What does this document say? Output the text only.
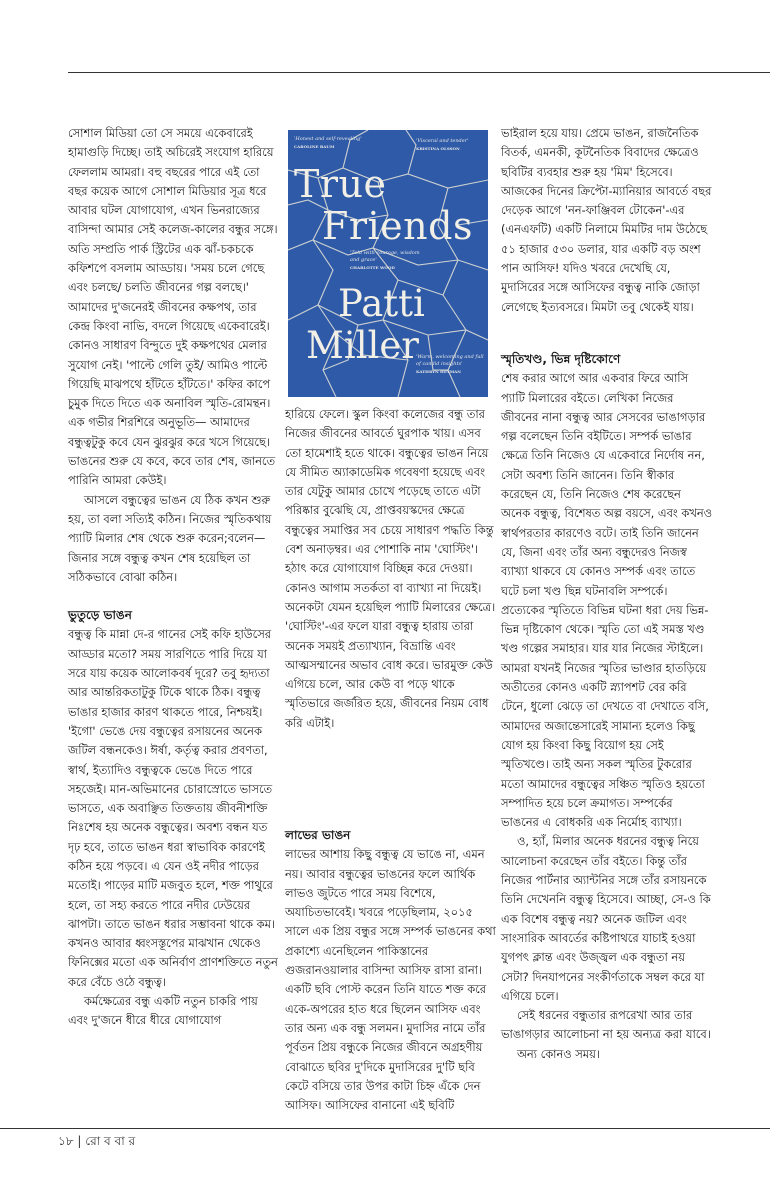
সোশাল মিডিয়া তো সে সময়ে একেবারেই হামাগুড়ি দিচ্ছে। তাই অচিরেই সংযোগ হারিয়ে ফেললাম আমরা। বহু বছরের পারে এই তো বছর কয়েক আগে সোশাল মিডিয়ার সূত্র ধরে আবার ঘটল যোগাযোগ, এখন ভিনরাজ্যের বাসিন্দা আমার সেই কলেজ-কালের বন্ধুর সঙ্গে। অতি সম্প্রতি পার্ক স্ট্রিটের এক ঝাঁ-চকচকে কফিশপে বসলাম আড্ডায়। 'সময় চলে গেছে এবং চলছে/ চলতি জীবনের গল্প বলছে।' আমাদের দু'জনেরই জীবনের কক্ষপথ, তার কেন্দ্র কিংবা নাভি, বদলে গিয়েছে একেবারেই। কোনও সাধারণ বিন্দুতে দুই কক্ষপথের মেলার সুযোগ নেই। 'পাল্টে গেলি তুই/ আমিও পাল্টে গিয়েছি মাঝপথে হাঁটতে হাঁটতে।' কফির কাপে চুমুক দিতে দিতে এক অনাবিল স্মৃতি-রোমন্থন। এক গভীর শিরশিরে অনুভূতি— আমাদের বন্ধুত্বটুকু কবে যেন ঝুরঝুর করে খসে গিয়েছে। ভাঙনের শুরু যে কবে, কবে তার শেষ, জানতে পারিনি আমরা কেউই।

আসলে বন্ধুত্বের ভাঙন যে ঠিক কখন শুরু হয়, তা বলা সত্যিই কঠিন। নিজের স্মৃতিকথায় প্যাটি মিলার শেষ থেকে শুরু করেন;বলেন— জিনার সঙ্গে বন্ধুত্ব কখন শেষ হয়েছিল তা সঠিকভাবে বোঝা কঠিন।

ভুতুড়ে ভাঙন

বন্ধুত্ব কি মান্না দে-র গানের সেই কফি হাউসের আড্ডার মতো? সময় সারণিতে পারি দিয়ে যা সরে যায় কয়েক আলোকবর্ষ দূরে? তবু হৃদ্যতা আর আন্তরিকতাটুকু টিকে থাকে ঠিক। বন্ধুত্ব ভাঙার হাজার কারণ থাকতে পারে, নিশ্চয়ই। 'ইগো' ভেঙে দেয় বন্ধুত্বের রসায়নের অনেক জটিল বন্ধনকেও। ঈর্ষা, কর্তৃত্ব করার প্রবণতা, স্বার্থ, ইত্যাদিও বন্ধুত্বকে ভেঙে দিতে পারে সহজেই। মান-অভিমানের চোরাস্রোতে ভাসতে ভাসতে, এক অবাঞ্ছিত তিক্ততায় জীবনীশক্তি নিঃশেষ হয় অনেক বন্ধুত্বের। অবশ্য বন্ধন যত দৃঢ় হবে, তাতে ভাঙন ধরা স্বাভাবিক কারণেই কঠিন হয়ে পড়বে। এ যেন ওই নদীর পাড়ের মতোই। পাড়ের মাটি মজবুত হলে, শক্ত পাথুরে হলে, তা সহ্য করতে পারে নদীর ঢেউয়ের ঝাপটা। তাতে ভাঙন ধরার সম্ভাবনা থাকে কম। কখনও আবার ধ্বংসস্তূপের মাঝখান থেকেও ফিনিক্সের মতো এক অনির্বাণ প্রাণশক্তিতে নতুন করে বেঁচে ওঠে বন্ধুত্ব।

কর্মক্ষেত্রের বন্ধু একটি নতুন চাকরি পায় এবং দু'জনে ধীরে ধীরে যোগাযোগ

'Honest and self-revealing'
CAROLINE BAUM
'Visceral and tender'
KRISTINA OLSSON
True
Friends
'Told with courage, wisdom and grace'
CHARLOTTE WOOD
Patti
Miller
'Warm, welcoming and full of candid insights'
KATHRYN HEYMAN

হারিয়ে ফেলে। স্কুল কিংবা কলেজের বন্ধু তার নিজের জীবনের আবর্তে ঘুরপাক খায়। এসব তো হামেশাই হতে থাকে। বন্ধুত্বের ভাঙন নিয়ে যে সীমিত অ্যাকাডেমিক গবেষণা হয়েছে এবং তার যেটুকু আমার চোখে পড়েছে তাতে এটা পরিষ্কার বুঝেছি যে, প্রাপ্তবয়স্কদের ক্ষেত্রে বন্ধুত্বের সমাপ্তির সব চেয়ে সাধারণ পদ্ধতি কিন্তু বেশ অনাড়ম্বর। এর পোশাকি নাম 'ঘোস্টিং'। হঠাৎ করে যোগাযোগ বিচ্ছিন্ন করে দেওয়া। কোনও আগাম সতর্কতা বা ব্যাখ্যা না দিয়েই। অনেকটা যেমন হয়েছিল প্যাটি মিলারের ক্ষেত্রে। 'ঘোস্টিং'-এর ফলে যারা বন্ধুত্ব হারায় তারা অনেক সময়ই প্রত্যাখ্যান, বিভ্রান্তি এবং আত্মসম্মানের অভাব বোধ করে। ভারমুক্ত কেউ এগিয়ে চলে, আর কেউ বা পড়ে থাকে স্মৃতিভারে জর্জরিত হয়ে, জীবনের নিয়ম বোধ করি এটাই।

লাভের ভাঙন

লাভের আশায় কিছু বন্ধুত্ব যে ভাঙে না, এমন নয়। আবার বন্ধুত্বের ভাঙনের ফলে আর্থিক লাভও জুটতে পারে সময় বিশেষে, অযাচিতভাবেই। খবরে পড়েছিলাম, ২০১৫ সালে এক প্রিয় বন্ধুর সঙ্গে সম্পর্ক ভাঙনের কথা প্রকাশ্যে এনেছিলেন পাকিস্তানের গুজরানওয়ালার বাসিন্দা আসিফ রাসা রানা। একটি ছবি পোস্ট করেন তিনি যাতে শক্ত করে একে-অপরের হাত ধরে ছিলেন আসিফ এবং তার অন্য এক বন্ধু সলমন। মুদাসির নামে তাঁর পূর্বতন প্রিয় বন্ধুকে নিজের জীবনে অগ্রহণীয় বোঝাতে ছবির দু'দিকে মুদাসিরের দু'টি ছবি কেটে বসিয়ে তার উপর কাটা চিহ্ন এঁকে দেন আসিফ। আসিফের বানানো এই ছবিটি

ভাইরাল হয়ে যায়। প্রেমে ভাঙন, রাজনৈতিক বিতর্ক, এমনকী, কূটনৈতিক বিবাদের ক্ষেত্রেও ছবিটির ব্যবহার শুরু হয় 'মিম' হিসেবে। আজকের দিনের ক্রিপ্টো-ম্যানিয়ার আবর্তে বছর দেড়েক আগে 'নন-ফাঞ্জিবল টোকেন'-এর (এনএফটি) একটি নিলামে মিমটির দাম উঠেছে ৫১ হাজার ৫৩০ ডলার, যার একটি বড় অংশ পান আসিফ! যদিও খবরে দেখেছি যে, মুদাসিরের সঙ্গে আসিফের বন্ধুত্ব নাকি জোড়া লেগেছে ইত্যবসরে। মিমটা তবু থেকেই যায়।

স্মৃতিখণ্ড, ভিন্ন দৃষ্টিকোণে

শেষ করার আগে আর একবার ফিরে আসি প্যাটি মিলারের বইতে। লেখিকা নিজের জীবনের নানা বন্ধুত্ব আর সেসবের ভাঙাগড়ার গল্প বলেছেন তিনি বইটিতে। সম্পর্ক ভাঙার ক্ষেত্রে তিনি নিজেও যে একেবারে নির্দোষ নন, সেটা অবশ্য তিনি জানেন। তিনি স্বীকার করেছেন যে, তিনি নিজেও শেষ করেছেন অনেক বন্ধুত্ব, বিশেষত অল্প বয়সে, এবং কখনও স্বার্থপরতার কারণেও বটে। তাই তিনি জানেন যে, জিনা এবং তাঁর অন্য বন্ধুদেরও নিজস্ব ব্যাখ্যা থাকবে যে কোনও সম্পর্ক এবং তাতে ঘটে চলা খণ্ড ছিন্ন ঘটনাবলি সম্পর্কে। প্রত্যেকের স্মৃতিতে বিভিন্ন ঘটনা ধরা দেয় ভিন্ন-ভিন্ন দৃষ্টিকোণ থেকে। স্মৃতি তো এই সমস্ত খণ্ড খণ্ড গল্পের সমাহার। যার যার নিজের স্টাইলে। আমরা যখনই নিজের স্মৃতির ভাণ্ডার হাতড়িয়ে অতীতের কোনও একটি স্ন্যাপশট বের করি টেনে, ধুলো ঝেড়ে তা দেখতে বা দেখাতে বসি, আমাদের অজান্তেসারেই সামান্য হলেও কিছু যোগ হয় কিংবা কিছু বিয়োগ হয় সেই স্মৃতিখণ্ডে। তাই অন্য সকল স্মৃতির টুকরোর মতো আমাদের বন্ধুত্বের সঞ্চিত স্মৃতিও হয়তো সম্পাদিত হয়ে চলে ক্রমাগত। সম্পর্কের ভাঙনের এ বোধকরি এক নির্মোহ ব্যাখ্যা।

ও, হ্যাঁ, মিলার অনেক ধরনের বন্ধুত্ব নিয়ে আলোচনা করেছেন তাঁর বইতে। কিন্তু তাঁর নিজের পার্টনার অ্যান্টনির সঙ্গে তাঁর রসায়নকে তিনি দেখেননি বন্ধুত্ব হিসেবে। আচ্ছা, সে-ও কি এক বিশেষ বন্ধুত্ব নয়? অনেক জটিল এবং সাংসারিক আবর্তের কষ্টিপাথরে যাচাই হওয়া যুগপৎ ক্লান্ত এবং উজ্জ্বল এক বন্ধুতা নয় সেটা? দিনযাপনের সংকীর্ণতাকে সম্বল করে যা এগিয়ে চলে।

সেই ধরনের বন্ধুতার রূপরেখা আর তার ভাঙাগড়ার আলোচনা না হয় অন্যত্র করা যাবে।

অন্য কোনও সময়।

১৮ | রো ব বা র
